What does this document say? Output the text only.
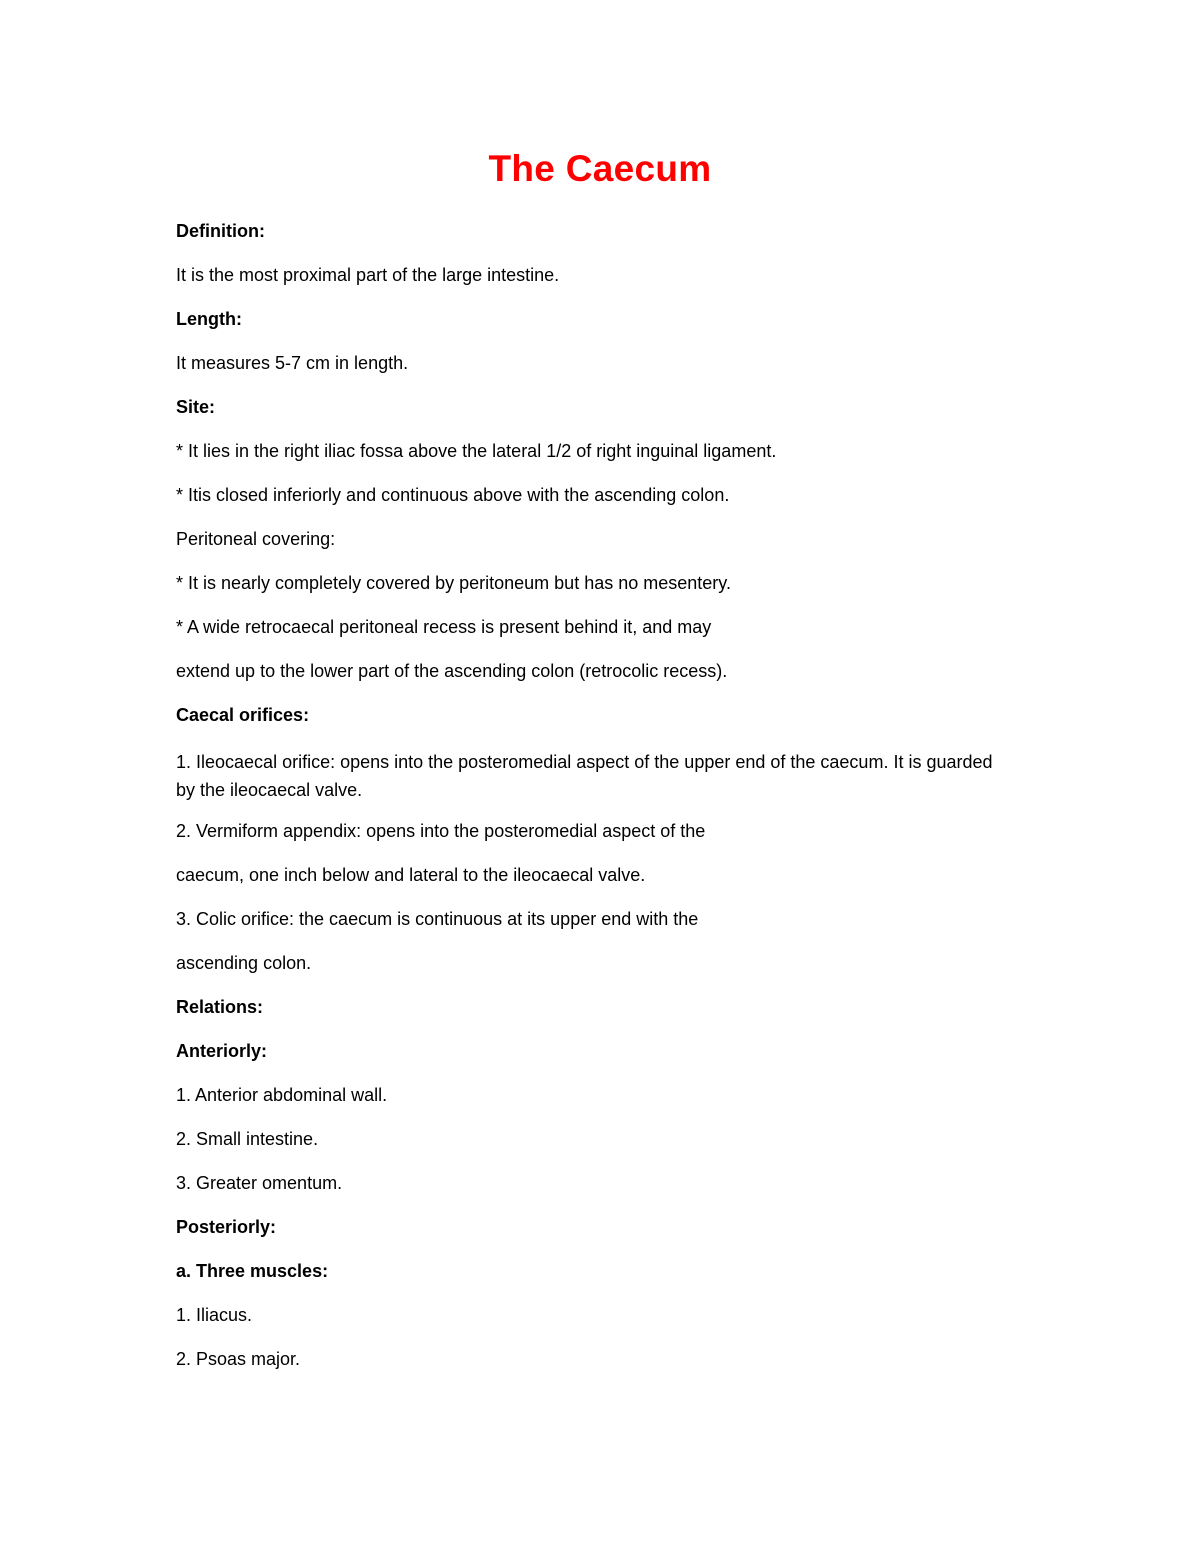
The Caecum
Definition:
It is the most proximal part of the large intestine.
Length:
It measures 5-7 cm in length.
Site:
* It lies in the right iliac fossa above the lateral 1/2 of right inguinal ligament.
* Itis closed inferiorly and continuous above with the ascending colon.
Peritoneal covering:
* It is nearly completely covered by peritoneum but has no mesentery.
* A wide retrocaecal peritoneal recess is present behind it, and may
extend up to the lower part of the ascending colon (retrocolic recess).
Caecal orifices:
1. Ileocaecal orifice: opens into the posteromedial aspect of the upper end of the caecum. It is guarded by the ileocaecal valve.
2. Vermiform appendix: opens into the posteromedial aspect of the
caecum, one inch below and lateral to the ileocaecal valve.
3. Colic orifice: the caecum is continuous at its upper end with the
ascending colon.
Relations:
Anteriorly:
1. Anterior abdominal wall.
2. Small intestine.
3. Greater omentum.
Posteriorly:
a. Three muscles:
1. Iliacus.
2. Psoas major.
